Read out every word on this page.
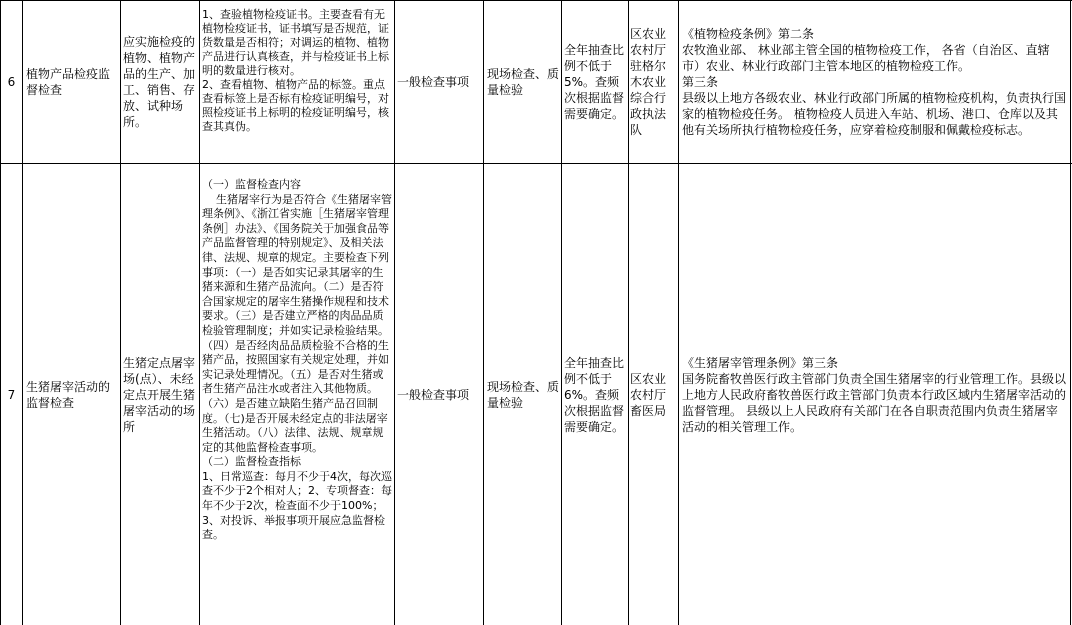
6
植物产品检疫监督检查
应实施检疫的植物、植物产品的生产、加工、销售、存放、试种场所。
1、查验植物检疫证书。主要查看有无植物检疫证书，证书填写是否规范，证货数量是否相符；对调运的植物、植物产品进行认真核查，并与检疫证书上标明的数量进行核对。
2、查看植物、植物产品的标签。重点查看标签上是否标有检疫证明编号，对照检疫证书上标明的检疫证明编号，核查其真伪。
一般检查事项
现场检查、质量检验
全年抽查比例不低于5%。查频次根据监督需要确定。
区农业农村厅驻格尔木农业综合行政执法队
《植物检疫条例》第二条
农牧渔业部、 林业部主管全国的植物检疫工作， 各省（自治区、直辖市）农业、林业行政部门主管本地区的植物检疫工作。
第三条
县级以上地方各级农业、林业行政部门所属的植物检疫机构，负责执行国家的植物检疫任务。 植物检疫人员进入车站、机场、港口、仓库以及其他有关场所执行植物检疫任务，应穿着检疫制服和佩戴检疫标志。
7
生猪屠宰活动的监督检查
生猪定点屠宰场(点）、未经定点开展生猪屠宰活动的场所
（一）监督检查内容
生猪屠宰行为是否符合《生猪屠宰管理条例》、《浙江省实施［生猪屠宰管理条例］办法》、《国务院关于加强食品等产品监督管理的特别规定》、及相关法律、法规、规章的规定。主要检查下列事项：（一）是否如实记录其屠宰的生猪来源和生猪产品流向。（二）是否符合国家规定的屠宰生猪操作规程和技术要求。（三）是否建立严格的肉品品质检验管理制度；并如实记录检验结果。（四）是否经肉品品质检验不合格的生猪产品，按照国家有关规定处理，并如实记录处理情况。（五）是否对生猪或者生猪产品注水或者注入其他物质。（六）是否建立缺陷生猪产品召回制度。（七)是否开展未经定点的非法屠宰生猪活动。（八）法律、法规、规章规定的其他监督检查事项。
（二）监督检查指标
1、日常巡查：每月不少于4次，每次巡查不少于2个相对人；2、专项督查：每年不少于2次，检查面不少于100%；3、对投诉、举报事项开展应急监督检查。
一般检查事项
现场检查、质量检验
全年抽查比例不低于6%。查频次根据监督需要确定。
区农业农村厅畜医局
《生猪屠宰管理条例》第三条
国务院畜牧兽医行政主管部门负责全国生猪屠宰的行业管理工作。县级以上地方人民政府畜牧兽医行政主管部门负责本行政区域内生猪屠宰活动的监督管理。 县级以上人民政府有关部门在各自职责范围内负责生猪屠宰活动的相关管理工作。
